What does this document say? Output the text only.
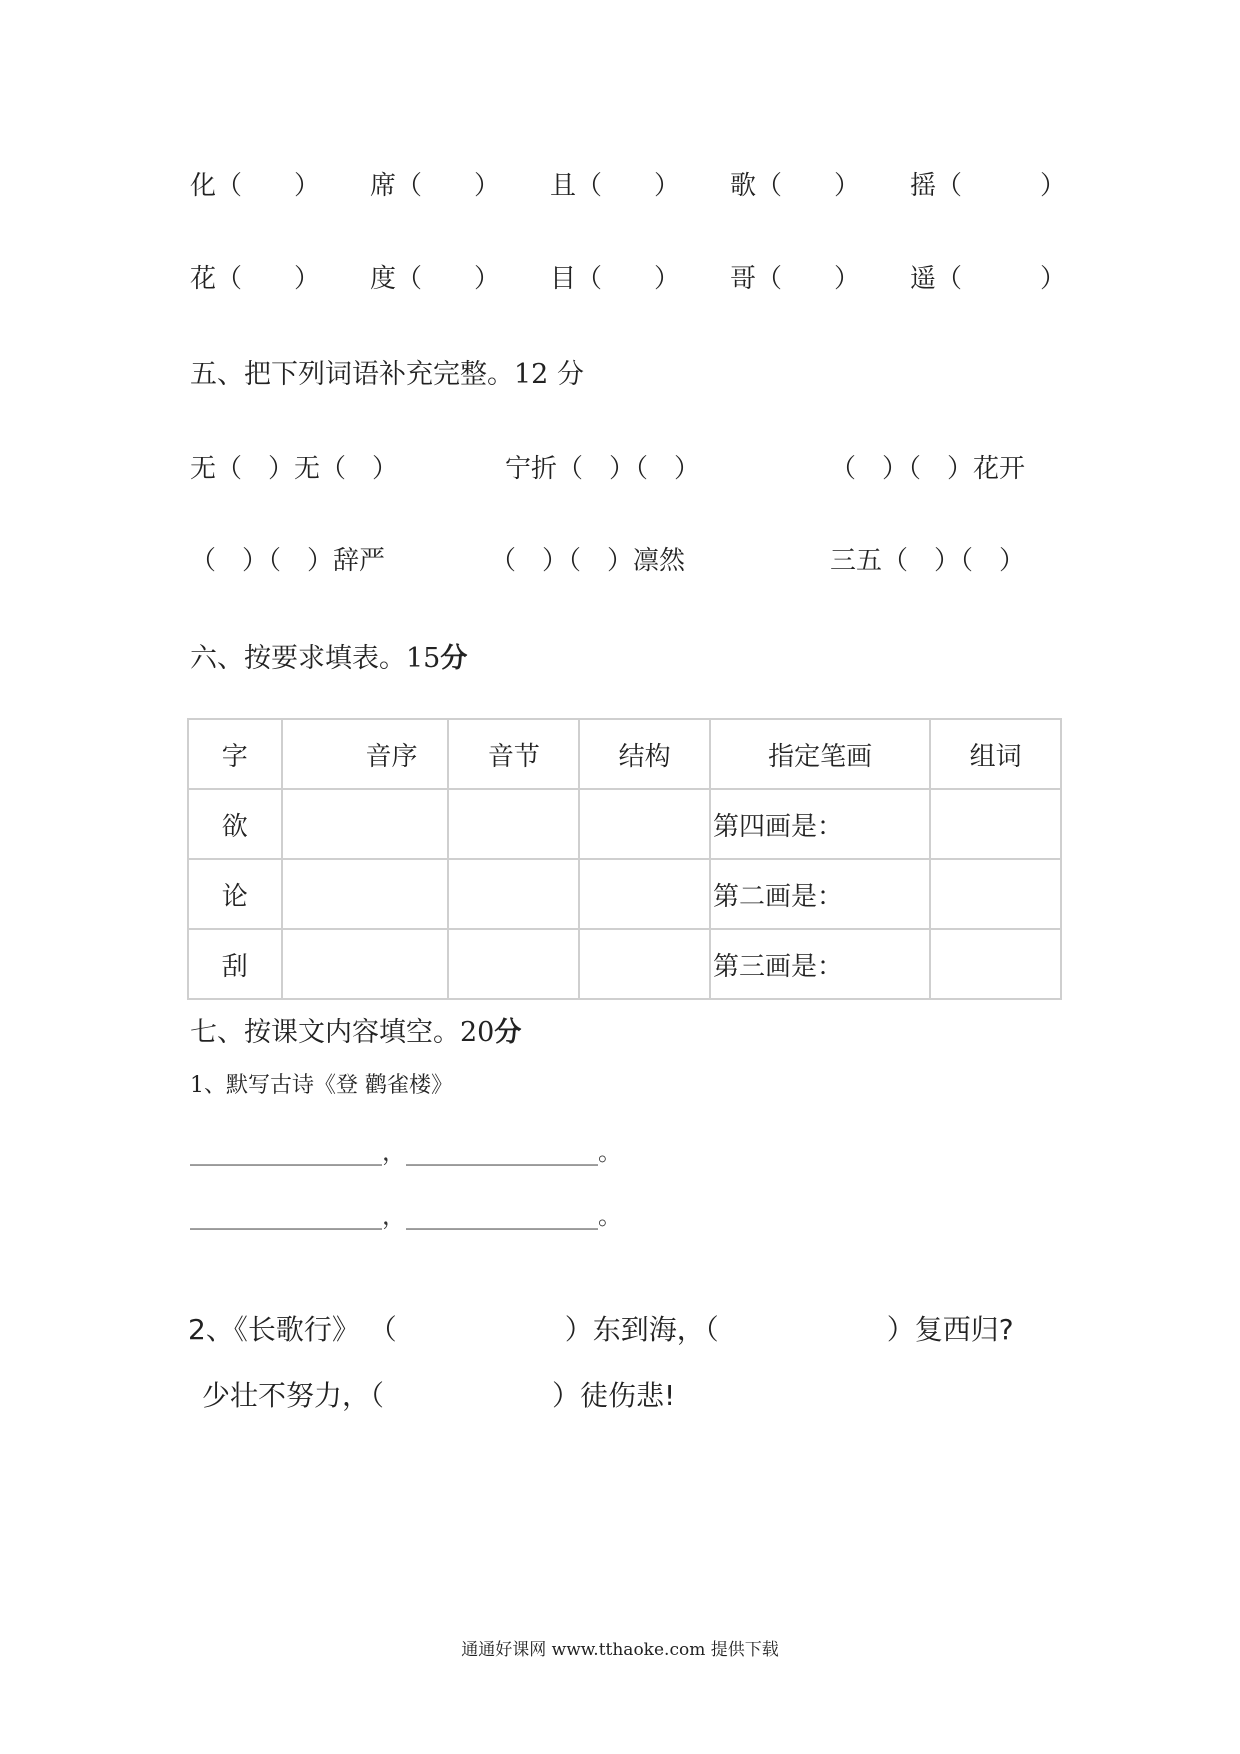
化（　　） 席（　　） 且（　　） 歌（　　） 摇（　　　）
花（　　） 度（　　） 目（　　） 哥（　　） 遥（　　　）
五、把下列词语补充完整。12 分
无（　）无（　）	宁折（　）（　）	（　）（　）花开
（　）（　）辞严	（　）（　）凛然	三五（　）（　）
六、按要求填表。15分
字	音序	音节	结构	指定笔画	组词
欲				第四画是：	
论				第二画是：	
刮				第三画是：	
七、按课文内容填空。20分
1、默写古诗《登 鹳雀楼》
________________，________________。
________________，________________。
2、《长歌行》 （　　　　　　）东到海，（　　　　　　）复西归?
少壮不努力，（　　　　　　）徒伤悲!
通通好课网 www.tthaoke.com 提供下载
